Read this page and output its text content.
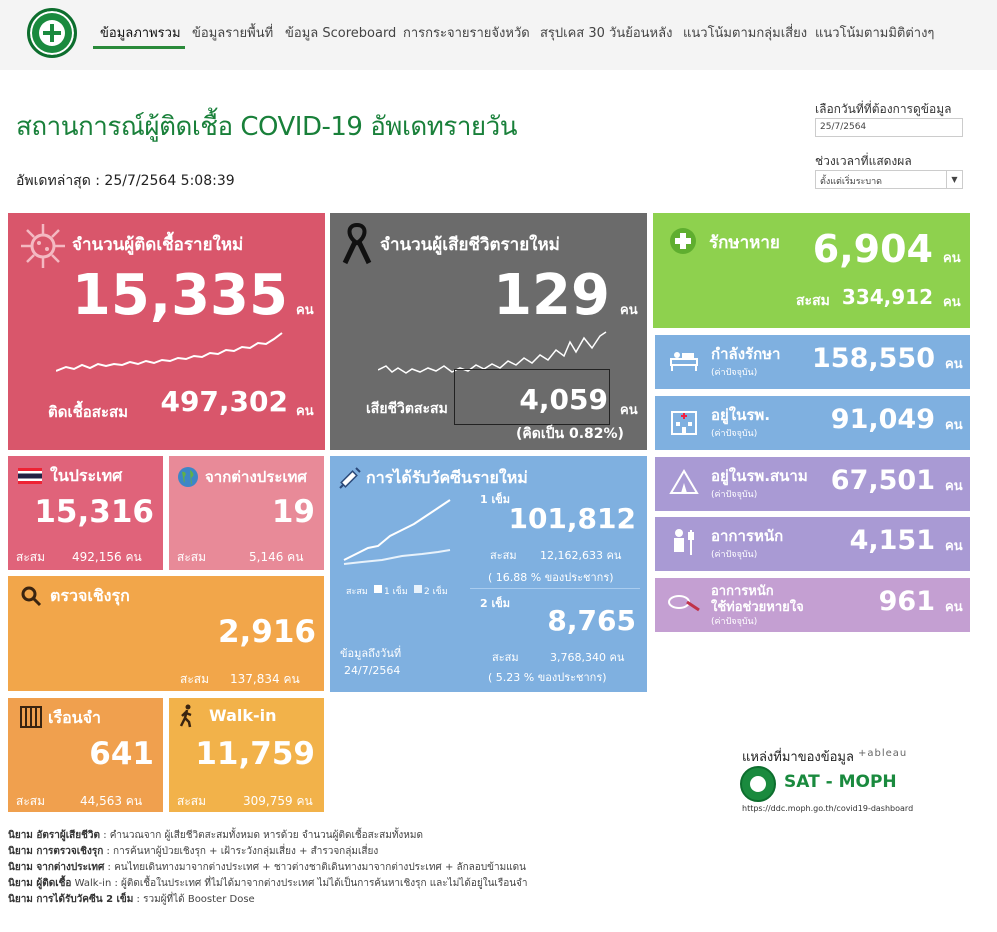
ข้อมูลภาพรวม ข้อมูลรายพื้นที่ ข้อมูล Scoreboard การกระจายรายจังหวัด สรุปเคส 30 วันย้อนหลัง แนวโน้มตามกลุ่มเสี่ยง แนวโน้มตามมิติต่างๆ
สถานการณ์ผู้ติดเชื้อ COVID-19 อัพเดทรายวัน
อัพเดทล่าสุด : 25/7/2564 5:08:39
เลือกวันที่ที่ต้องการดูข้อมูล
25/7/2564
ช่วงเวลาที่แสดงผล
ตั้งแต่เริ่มระบาด	▼
จำนวนผู้ติดเชื้อรายใหม่
15,335 คน
ติดเชื้อสะสม	497,302 คน
จำนวนผู้เสียชีวิตรายใหม่
129 คน
เสียชีวิตสะสม	4,059 คน
(คิดเป็น 0.82%)
รักษาหาย 6,904 คน
สะสม 334,912 คน
กำลังรักษา
(ค่าปัจจุบัน)	158,550 คน
อยู่ในรพ.
(ค่าปัจจุบัน)	91,049 คน
อยู่ในรพ.สนาม
(ค่าปัจจุบัน)	67,501 คน
อาการหนัก
(ค่าปัจจุบัน)	4,151 คน
อาการหนัก
ใช้ท่อช่วยหายใจ
(ค่าปัจจุบัน)
961 คน
ในประเทศ
15,316
สะสม 492,156 คน
จากต่างประเทศ
19
สะสม	5,146 คน
การได้รับวัคซีนรายใหม่
1 เข็ม
101,812
สะสม 1 เข็ม 2 เข็ม
สะสม 12,162,633 คน
( 16.88 % ของประชากร)
2 เข็ม
8,765
สะสม	3,768,340 คน
( 5.23 % ของประชากร)
ข้อมูลถึงวันที่
24/7/2564
ตรวจเชิงรุก
2,916
สะสม 137,834 คน
เรือนจำ
641
สะสม	44,563 คน
Walk-in
11,759
สะสม	309,759 คน
แหล่งที่มาของข้อมูล +ableau
SAT - MOPH
https://ddc.moph.go.th/covid19-dashboard
นิยาม อัตราผู้เสียชีวิต : คำนวณจาก ผู้เสียชีวิตสะสมทั้งหมด หารด้วย จำนวนผู้ติดเชื้อสะสมทั้งหมด
นิยาม การตรวจเชิงรุก : การค้นหาผู้ป่วยเชิงรุก + เฝ้าระวังกลุ่มเสี่ยง + สำรวจกลุ่มเสี่ยง
นิยาม จากต่างประเทศ : คนไทยเดินทางมาจากต่างประเทศ + ชาวต่างชาติเดินทางมาจากต่างประเทศ + ลักลอบข้ามแดน
นิยาม ผู้ติดเชื้อ Walk-in : ผู้ติดเชื้อในประเทศ ที่ไม่ได้มาจากต่างประเทศ ไม่ได้เป็นการค้นหาเชิงรุก และไม่ได้อยู่ในเรือนจำ
นิยาม การได้รับวัคซีน 2 เข็ม : รวมผู้ที่ได้ Booster Dose
